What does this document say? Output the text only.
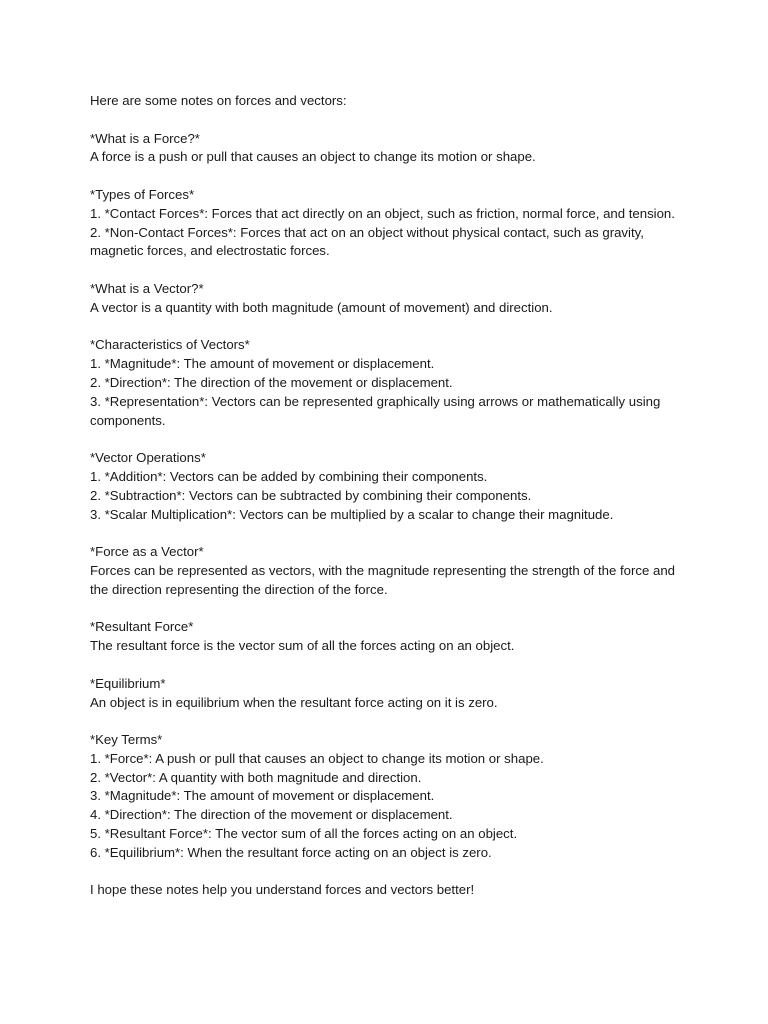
Here are some notes on forces and vectors:

*What is a Force?*
A force is a push or pull that causes an object to change its motion or shape.

*Types of Forces*
1. *Contact Forces*: Forces that act directly on an object, such as friction, normal force, and tension.
2. *Non-Contact Forces*: Forces that act on an object without physical contact, such as gravity, magnetic forces, and electrostatic forces.

*What is a Vector?*
A vector is a quantity with both magnitude (amount of movement) and direction.

*Characteristics of Vectors*
1. *Magnitude*: The amount of movement or displacement.
2. *Direction*: The direction of the movement or displacement.
3. *Representation*: Vectors can be represented graphically using arrows or mathematically using components.

*Vector Operations*
1. *Addition*: Vectors can be added by combining their components.
2. *Subtraction*: Vectors can be subtracted by combining their components.
3. *Scalar Multiplication*: Vectors can be multiplied by a scalar to change their magnitude.

*Force as a Vector*
Forces can be represented as vectors, with the magnitude representing the strength of the force and the direction representing the direction of the force.

*Resultant Force*
The resultant force is the vector sum of all the forces acting on an object.

*Equilibrium*
An object is in equilibrium when the resultant force acting on it is zero.

*Key Terms*
1. *Force*: A push or pull that causes an object to change its motion or shape.
2. *Vector*: A quantity with both magnitude and direction.
3. *Magnitude*: The amount of movement or displacement.
4. *Direction*: The direction of the movement or displacement.
5. *Resultant Force*: The vector sum of all the forces acting on an object.
6. *Equilibrium*: When the resultant force acting on an object is zero.

I hope these notes help you understand forces and vectors better!
